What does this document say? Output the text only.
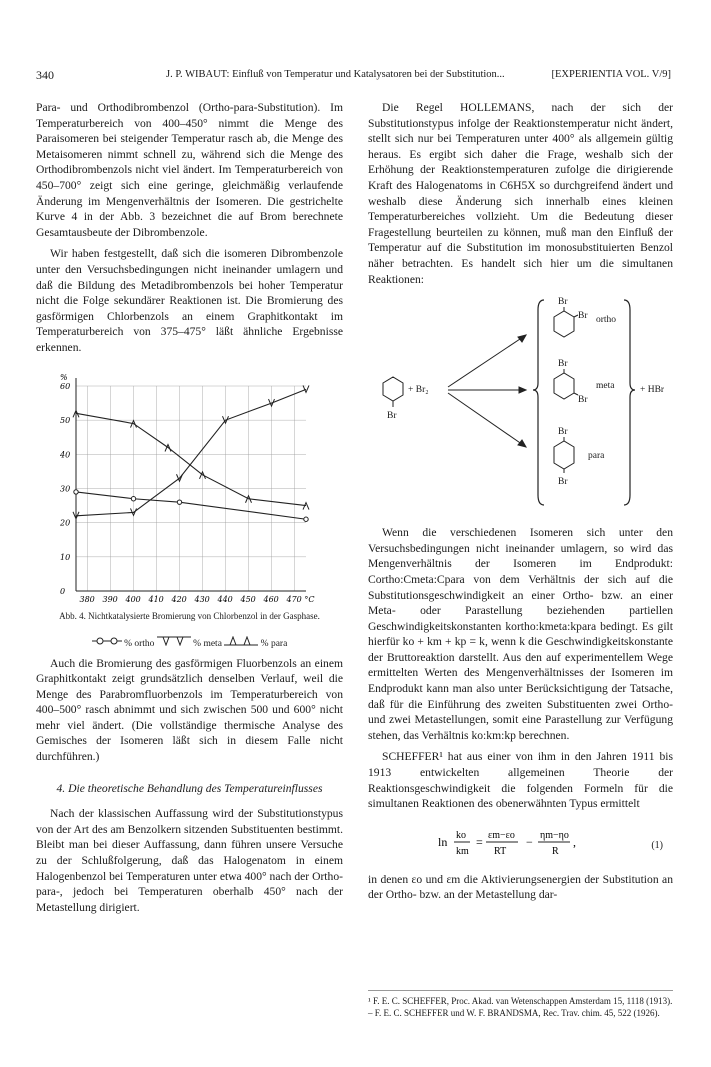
340	J. P. WIBAUT: Einfluß von Temperatur und Katalysatoren bei der Substitution...	[EXPERIENTIA VOL. V/9]

Para- und Orthodibrombenzol (Ortho-para-Substitution). Im Temperaturbereich von 400–450° nimmt die Menge des Paraisomeren bei steigender Temperatur rasch ab, die Menge des Metaisomeren nimmt schnell zu, während sich die Menge des Orthodibrombenzols nicht viel ändert. Im Temperaturbereich von 450–700° zeigt sich eine geringe, gleichmäßig verlaufende Änderung im Mengenverhältnis der Isomeren. Die gestrichelte Kurve 4 in der Abb. 3 bezeichnet die auf Brom berechnete Gesamtausbeute der Dibrombenzole.

Wir haben festgestellt, daß sich die isomeren Dibrombenzole unter den Versuchsbedingungen nicht ineinander umlagern und daß die Bildung des Metadibrombenzols bei hoher Temperatur nicht die Folge sekundärer Reaktionen ist. Die Bromierung des gasförmigen Chlorbenzols an einem Graphitkontakt im Temperaturbereich von 375–475° läßt ähnliche Ergebnisse erkennen.

380 390 400 410 420 430 440 450 460 470 °C
0
10
20
30
40
50
60
%
Abb. 4. Nichtkatalysierte Bromierung von Chlorbenzol in der Gasphase.
% ortho	% meta	% para

Auch die Bromierung des gasförmigen Fluorbenzols an einem Graphitkontakt zeigt grundsätzlich denselben Verlauf, weil die Menge des Parabromfluorbenzols im Temperaturbereich von 400–500° rasch abnimmt und sich zwischen 500 und 600° nicht mehr viel ändert. (Die vollständige thermische Analyse des Gemisches der Isomeren läßt sich in diesem Falle nicht durchführen.)

4. Die theoretische Behandlung des Temperatureinflusses

Nach der klassischen Auffassung wird der Substitutionstypus von der Art des am Benzolkern sitzenden Substituenten bestimmt. Bleibt man bei dieser Auffassung, dann führen unsere Versuche zu der Schlußfolgerung, daß das Halogenatom in einem Halogenbenzol bei Temperaturen unter etwa 400° nach der Ortho-para-, jedoch bei Temperaturen oberhalb 450° nach der Metastellung dirigiert.

Die Regel HOLLEMANS, nach der sich der Substitutionstypus infolge der Reaktionstemperatur nicht ändert, stellt sich nur bei Temperaturen unter 400° als allgemein gültig heraus. Es ergibt sich daher die Frage, weshalb sich der Erhöhung der Reaktionstemperaturen zufolge die dirigierende Kraft des Halogenatoms in C6H5X so durchgreifend ändert und weshalb diese Änderung sich innerhalb eines kleinen Temperaturbereiches vollzieht. Um die Bedeutung dieser Fragestellung beurteilen zu können, muß man den Einfluß der Temperatur auf die Substitution im monosubstituierten Benzol näher betrachten. Es handelt sich hier um die simultanen Reaktionen:

Br
+ Br₂
Br
Br ortho
Br
Br
meta
Br
Br
para
+ HBr

Wenn die verschiedenen Isomeren sich unter den Versuchsbedingungen nicht ineinander umlagern, so wird das Mengenverhältnis der Isomeren im Endprodukt: Cortho:Cmeta:Cpara von dem Verhältnis der sich auf die Substitutionsgeschwindigkeit an einer Ortho- bzw. an einer Meta- oder Parastellung beziehenden partiellen Geschwindigkeitskonstanten kortho:kmeta:kpara bedingt. Es gilt hierfür ko + km + kp = k, wenn k die Geschwindigkeitskonstante der Bruttoreaktion darstellt. Aus den auf experimentellem Wege ermittelten Werten des Mengenverhältnisses der Isomeren im Endprodukt kann man also unter Berücksichtigung der Tatsache, daß für die Einführung des zweiten Substituenten zwei Ortho- und zwei Metastellungen, somit eine Parastellung zur Verfügung stehen, das Verhältnis ko:km:kp berechnen.

SCHEFFER¹ hat aus einer von ihm in den Jahren 1911 bis 1913 entwickelten allgemeinen Theorie der Reaktionsgeschwindigkeit die folgenden Formeln für die simultanen Reaktionen des obenerwähnten Typus ermittelt

ln ko
km
= εm−εo
RT
− ηm−ηo
R
,	(1)

in denen εo und εm die Aktivierungsenergien der Substitution an der Ortho- bzw. an der Metastellung dar-

¹ F. E. C. SCHEFFER, Proc. Akad. van Wetenschappen Amsterdam 15, 1118 (1913). – F. E. C. SCHEFFER und W. F. BRANDSMA, Rec. Trav. chim. 45, 522 (1926).
